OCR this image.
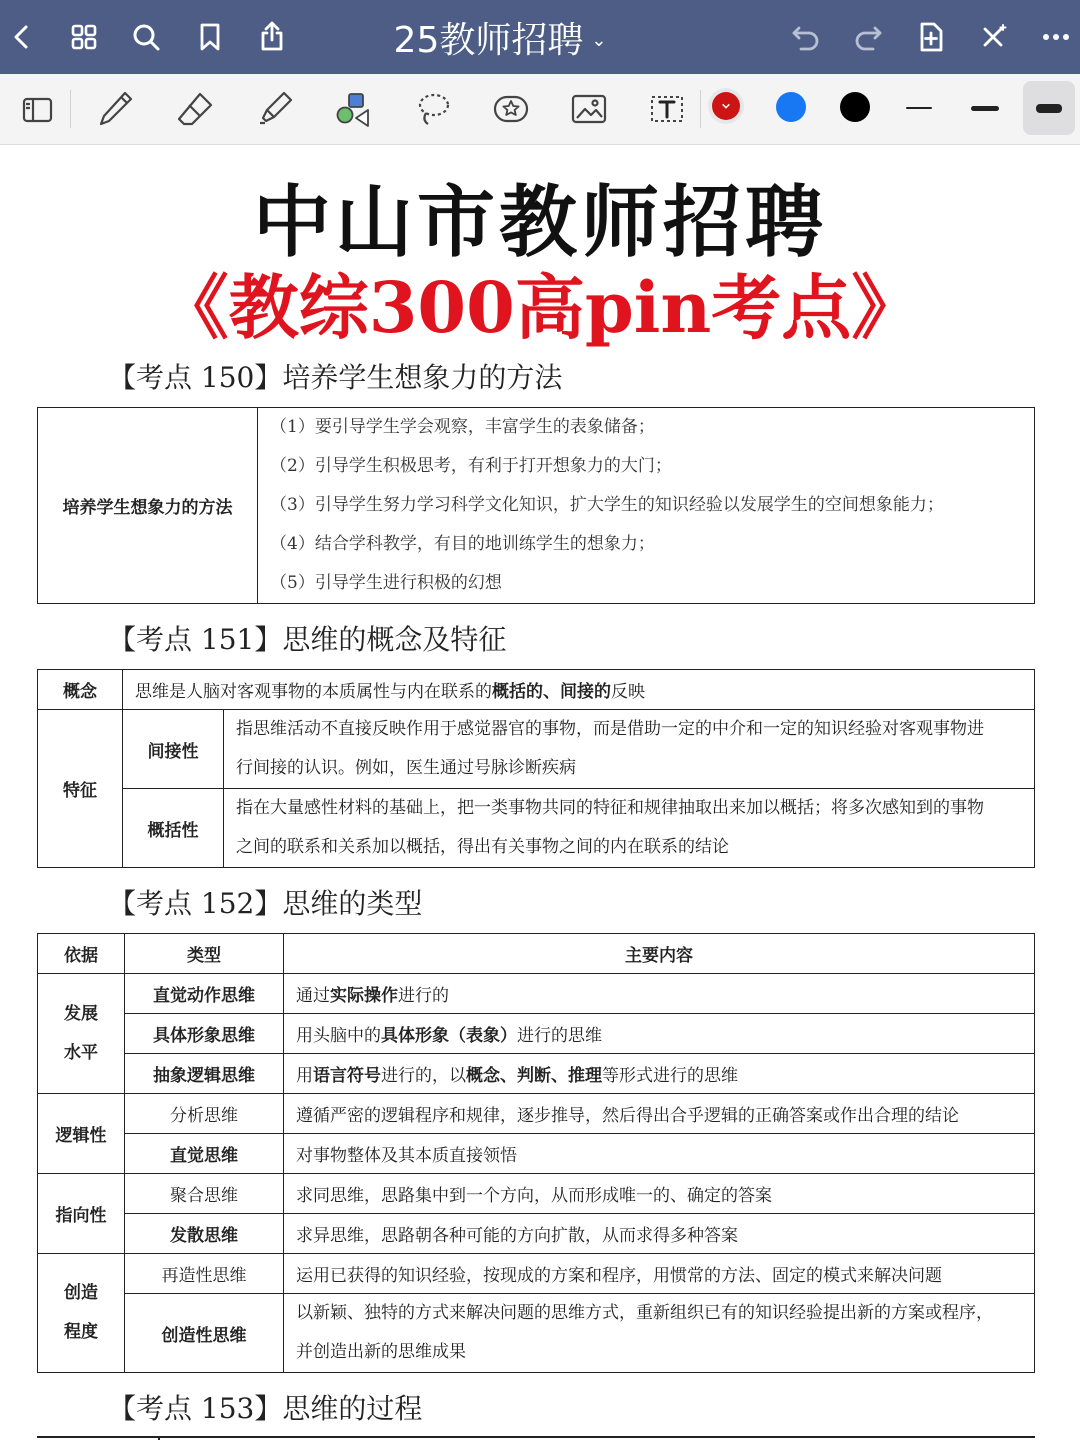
25教师招聘 ⌄
中山市教师招聘
《教综300高pin考点》
【考点 150】培养学生想象力的方法
培养学生想象力的方法	
（1）要引导学生学会观察，丰富学生的表象储备；
（2）引导学生积极思考，有利于打开想象力的大门；
（3）引导学生努力学习科学文化知识，扩大学生的知识经验以发展学生的空间想象能力；
（4）结合学科教学，有目的地训练学生的想象力；
（5）引导学生进行积极的幻想
【考点 151】思维的概念及特征
概念	思维是人脑对客观事物的本质属性与内在联系的概括的、间接的反映	
特征	间接性	指思维活动不直接反映作用于感觉器官的事物，而是借助一定的中介和一定的知识经验对客观事物进
行间接的认识。例如，医生通过号脉诊断疾病

	概括性	指在大量感性材料的基础上，把一类事物共同的特征和规律抽取出来加以概括；将多次感知到的事物
之间的联系和关系加以概括，得出有关事物之间的内在联系的结论
【考点 152】思维的类型
依据	类型	主要内容

发展
水平	直觉动作思维	通过实际操作进行的
	具体形象思维	用头脑中的具体形象（表象）进行的思维
	抽象逻辑思维	用语言符号进行的，以概念、判断、推理等形式进行的思维
逻辑性	分析思维	遵循严密的逻辑程序和规律，逐步推导，然后得出合乎逻辑的正确答案或作出合理的结论
	直觉思维	对事物整体及其本质直接领悟
指向性	聚合思维	求同思维，思路集中到一个方向，从而形成唯一的、确定的答案
	发散思维	求异思维，思路朝各种可能的方向扩散，从而求得多种答案

创造
程度	再造性思维	运用已获得的知识经验，按现成的方案和程序，用惯常的方法、固定的模式来解决问题
	创造性思维	以新颖、独特的方式来解决问题的思维方式，重新组织已有的知识经验提出新的方案或程序，
并创造出新的思维成果
【考点 153】思维的过程
